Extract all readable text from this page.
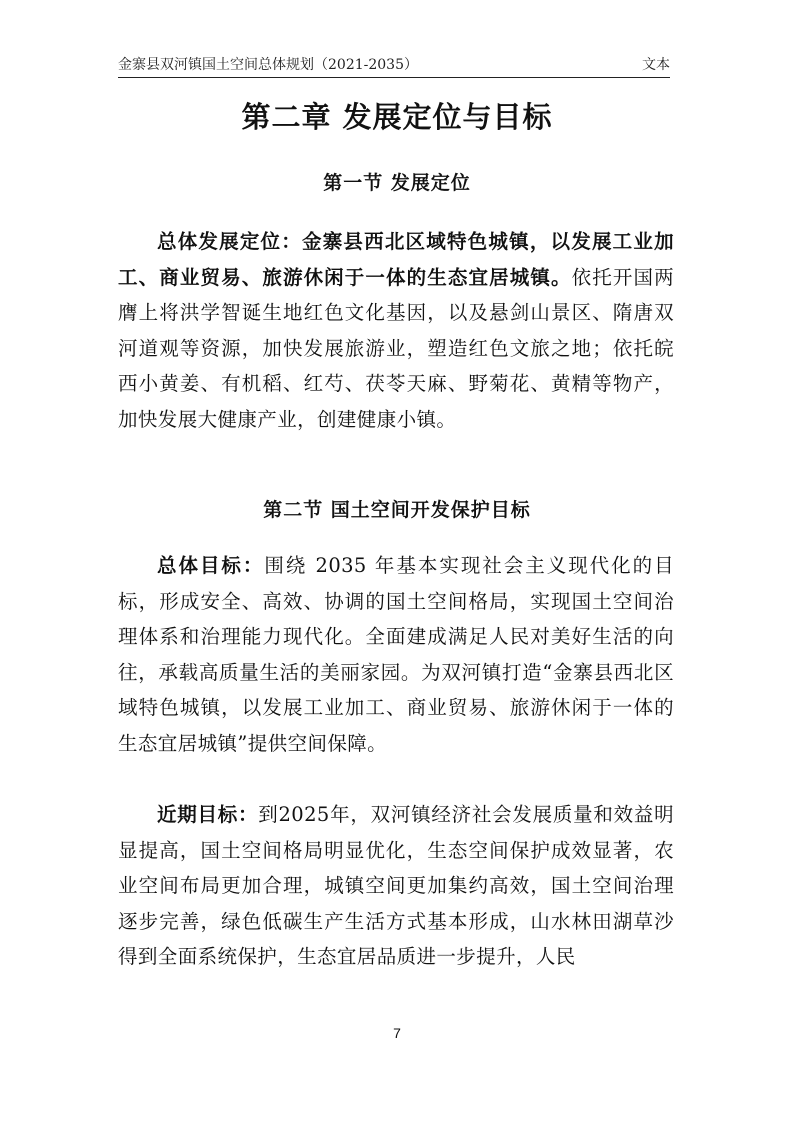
金寨县双河镇国土空间总体规划（2021-2035）	文本
第二章 发展定位与目标
第一节 发展定位

总体发展定位：金寨县西北区域特色城镇，以发展工业加工、商业贸易、旅游休闲于一体的生态宜居城镇。依托开国两膺上将洪学智诞生地红色文化基因，以及悬剑山景区、隋唐双河道观等资源，加快发展旅游业，塑造红色文旅之地；依托皖西小黄姜、有机稻、红芍、茯苓天麻、野菊花、黄精等物产，加快发展大健康产业，创建健康小镇。

第二节 国土空间开发保护目标

总体目标：围绕 2035 年基本实现社会主义现代化的目标，形成安全、高效、协调的国土空间格局，实现国土空间治理体系和治理能力现代化。全面建成满足人民对美好生活的向往，承载高质量生活的美丽家园。为双河镇打造“金寨县西北区域特色城镇，以发展工业加工、商业贸易、旅游休闲于一体的生态宜居城镇”提供空间保障。

近期目标：到2025年，双河镇经济社会发展质量和效益明显提高，国土空间格局明显优化，生态空间保护成效显著，农业空间布局更加合理，城镇空间更加集约高效，国土空间治理逐步完善，绿色低碳生产生活方式基本形成，山水林田湖草沙得到全面系统保护，生态宜居品质进一步提升，人民

7
